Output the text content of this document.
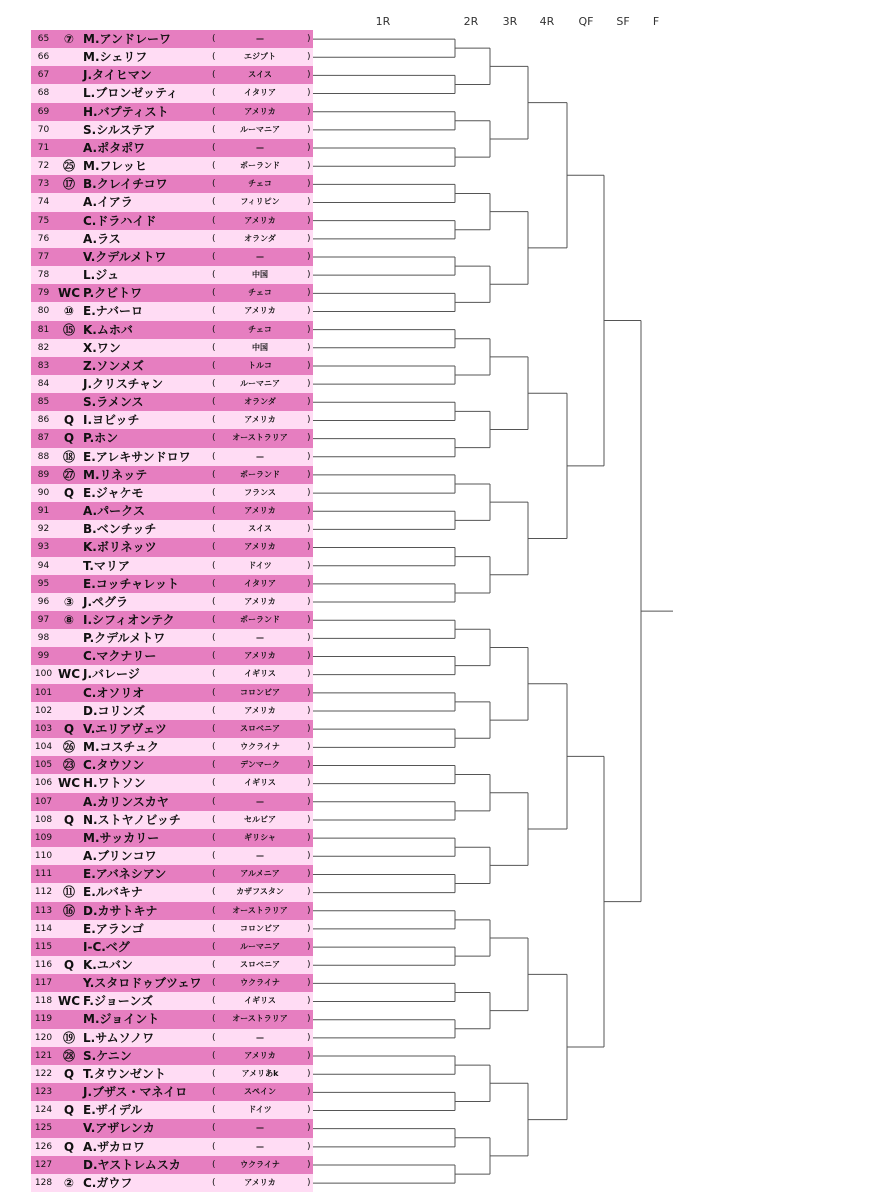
1R	2R 3R 4R QF SF F
65	⑦ M.アンドレーワ	(	—	)
66	M.シェリフ	(	エジプト	)
67	J.タイヒマン	(	スイス	)
68	L.ブロンゼッティ	(	イタリア	)
69	H.バプティスト	(	アメリカ	)
70	S.シルステア	(	ルーマニア	)
71	A.ポタポワ	(	—	)
72	㉕ M.フレッヒ	(	ポーランド	)
73	⑰ B.クレイチコワ	(	チェコ	)
74	A.イアラ	(	フィリピン	)
75	C.ドラハイド	(	アメリカ	)
76	A.ラス	(	オランダ	)
77	V.クデルメトワ	(	—	)
78	L.ジュ	(	中国	)
79 WC P.クビトワ	(	チェコ	)
80	⑩ E.ナバーロ	(	アメリカ	)
81	⑮ K.ムホバ	(	チェコ	)
82	X.ワン	(	中国	)
83	Z.ソンメズ	(	トルコ	)
84	J.クリスチャン	(	ルーマニア	)
85	S.ラメンス	(	オランダ	)
86	Q I.ヨビッチ	(	アメリカ	)
87	Q P.ホン	(	オーストラリア	)
88	⑱ E.アレキサンドロワ (	—	)
89	㉗ M.リネッテ	(	ポーランド	)
90	Q E.ジャケモ	(	フランス	)
91	A.パークス	(	アメリカ	)
92	B.ベンチッチ	(	スイス	)
93	K.ボリネッツ	(	アメリカ	)
94	T.マリア	(	ドイツ	)
95	E.コッチャレット	(	イタリア	)
96	③ J.ペグラ	(	アメリカ	)
97	⑧ I.シフィオンテク	(	ポーランド	)
98	P.クデルメトワ	(	—	)
99	C.マクナリー	(	アメリカ	)
100 WC J.バレージ	(	イギリス	)
101	C.オソリオ	(	コロンビア	)
102	D.コリンズ	(	アメリカ	)
103 Q V.エリアヴェツ	(	スロベニア	)
104 ㉖ M.コスチュク	(	ウクライナ	)
105 ㉓ C.タウソン	(	デンマーク	)
106 WC H.ワトソン	(	イギリス	)
107	A.カリンスカヤ	(	—	)
108 Q N.ストヤノビッチ	(	セルビア	)
109	M.サッカリー	(	ギリシャ	)
110	A.ブリンコワ	(	—	)
111	E.アバネシアン	(	アルメニア	)
112 ⑪ E.ルバキナ	(	カザフスタン	)
113 ⑯ D.カサトキナ	(	オーストラリア	)
114	E.アランゴ	(	コロンビア	)
115	I-C.ベグ	(	ルーマニア	)
116 Q K.ユバン	(	スロベニア	)
117	Y.スタロドゥブツェワ (	ウクライナ	)
118 WC F.ジョーンズ	(	イギリス	)
119	M.ジョイント	(	オーストラリア	)
120 ⑲ L.サムソノワ	(	—	)
121 ㉘ S.ケニン	(	アメリカ	)
122 Q T.タウンゼント	(	アメリあk	)
123	J.ブザス・マネイロ	(	スペイン	)
124 Q E.ザイデル	(	ドイツ	)
125	V.アザレンカ	(	—	)
126 Q A.ザカロワ	(	—	)
127	D.ヤストレムスカ	(	ウクライナ	)
128 ② C.ガウフ	(	アメリカ	)
